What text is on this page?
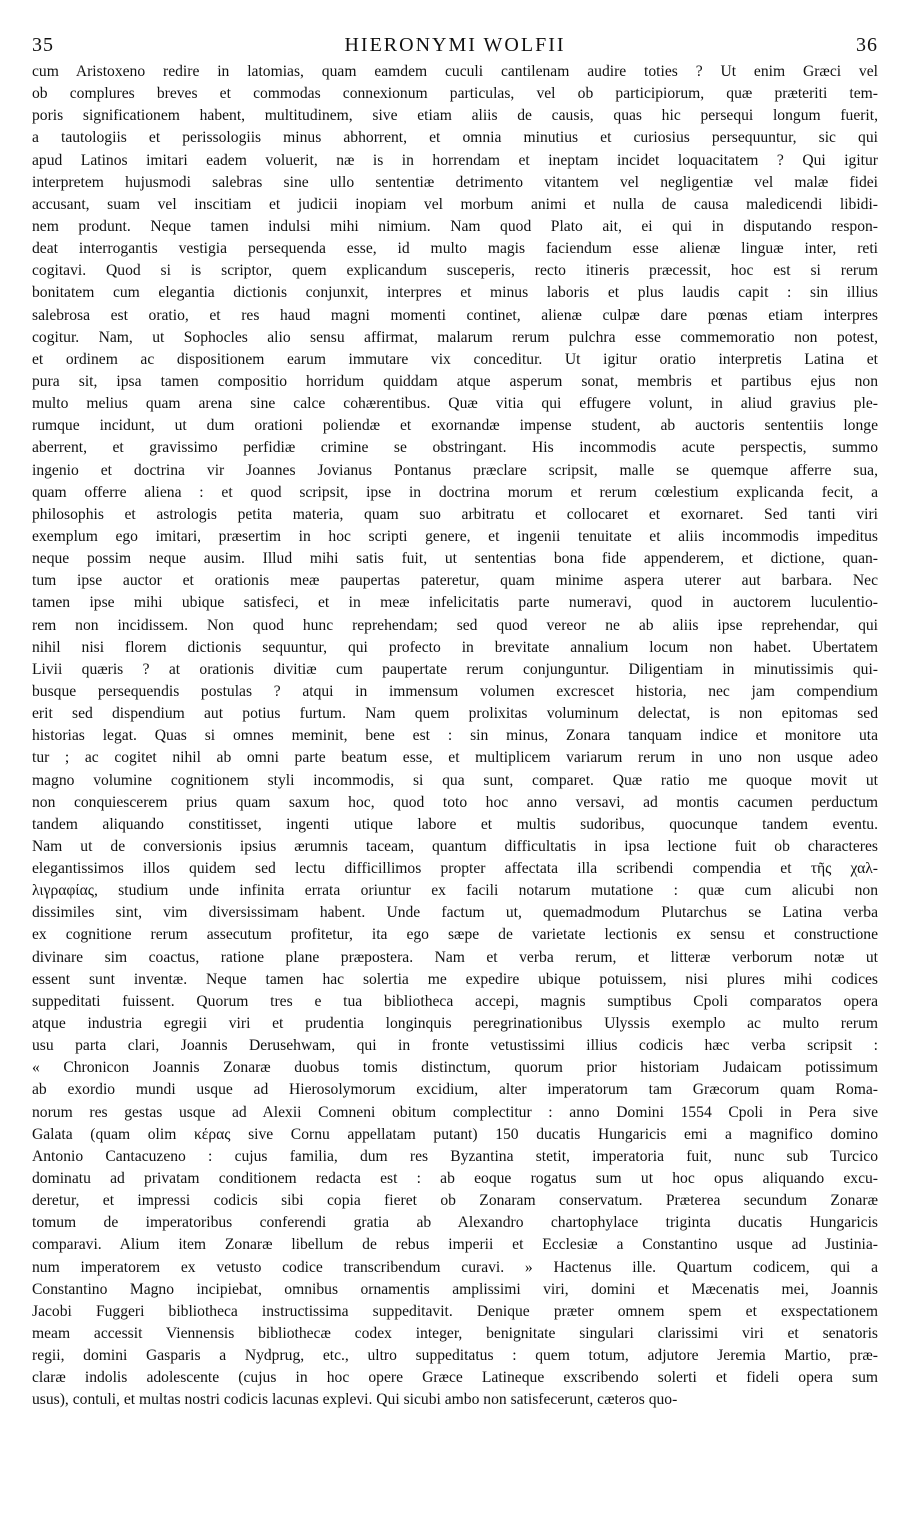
35	HIERONYMI WOLFII	36
cum Aristoxeno redire in latomias, quam eamdem cuculi cantilenam audire toties ? Ut enim Græci vel
ob complures breves et commodas connexionum particulas, vel ob participiorum, quæ præteriti tem-
poris significationem habent, multitudinem, sive etiam aliis de causis, quas hic persequi longum fuerit,
a tautologiis et perissologiis minus abhorrent, et omnia minutius et curiosius persequuntur, sic qui
apud Latinos imitari eadem voluerit, næ is in horrendam et ineptam incidet loquacitatem ? Qui igitur
interpretem hujusmodi salebras sine ullo sententiæ detrimento vitantem vel negligentiæ vel malæ fidei
accusant, suam vel inscitiam et judicii inopiam vel morbum animi et nulla de causa maledicendi libidi-
nem produnt. Neque tamen indulsi mihi nimium. Nam quod Plato ait, ei qui in disputando respon-
deat interrogantis vestigia persequenda esse, id multo magis faciendum esse alienæ linguæ inter, reti
cogitavi. Quod si is scriptor, quem explicandum susceperis, recto itineris præcessit, hoc est si rerum
bonitatem cum elegantia dictionis conjunxit, interpres et minus laboris et plus laudis capit : sin illius
salebrosa est oratio, et res haud magni momenti continet, alienæ culpæ dare pœnas etiam interpres
cogitur. Nam, ut Sophocles alio sensu affirmat, malarum rerum pulchra esse commemoratio non potest,
et ordinem ac dispositionem earum immutare vix conceditur. Ut igitur oratio interpretis Latina et
pura sit, ipsa tamen compositio horridum quiddam atque asperum sonat, membris et partibus ejus non
multo melius quam arena sine calce cohærentibus. Quæ vitia qui effugere volunt, in aliud gravius ple-
rumque incidunt, ut dum orationi poliendæ et exornandæ impense student, ab auctoris sententiis longe
aberrent, et gravissimo perfidiæ crimine se obstringant. His incommodis acute perspectis, summo
ingenio et doctrina vir Joannes Jovianus Pontanus præclare scripsit, malle se quemque afferre sua,
quam offerre aliena : et quod scripsit, ipse in doctrina morum et rerum cœlestium explicanda fecit, a
philosophis et astrologis petita materia, quam suo arbitratu et collocaret et exornaret. Sed tanti viri
exemplum ego imitari, præsertim in hoc scripti genere, et ingenii tenuitate et aliis incommodis impeditus
neque possim neque ausim. Illud mihi satis fuit, ut sententias bona fide appenderem, et dictione, quan-
tum ipse auctor et orationis meæ paupertas pateretur, quam minime aspera uterer aut barbara. Nec
tamen ipse mihi ubique satisfeci, et in meæ infelicitatis parte numeravi, quod in auctorem luculentio-
rem non incidissem. Non quod hunc reprehendam; sed quod vereor ne ab aliis ipse reprehendar, qui
nihil nisi florem dictionis sequuntur, qui profecto in brevitate annalium locum non habet. Ubertatem
Livii quæris ? at orationis divitiæ cum paupertate rerum conjunguntur. Diligentiam in minutissimis qui-
busque persequendis postulas ? atqui in immensum volumen excrescet historia, nec jam compendium
erit sed dispendium aut potius furtum. Nam quem prolixitas voluminum delectat, is non epitomas sed
historias legat. Quas si omnes meminit, bene est : sin minus, Zonara tanquam indice et monitore uta
tur ; ac cogitet nihil ab omni parte beatum esse, et multiplicem variarum rerum in uno non usque adeo
magno volumine cognitionem styli incommodis, si qua sunt, comparet. Quæ ratio me quoque movit ut
non conquiescerem prius quam saxum hoc, quod toto hoc anno versavi, ad montis cacumen perductum
tandem aliquando constitisset, ingenti utique labore et multis sudoribus, quocunque tandem eventu.
Nam ut de conversionis ipsius ærumnis taceam, quantum difficultatis in ipsa lectione fuit ob characteres
elegantissimos illos quidem sed lectu difficillimos propter affectata illa scribendi compendia et τῆς χαλ-
λιγραφίας, studium unde infinita errata oriuntur ex facili notarum mutatione : quæ cum alicubi non
dissimiles sint, vim diversissimam habent. Unde factum ut, quemadmodum Plutarchus se Latina verba
ex cognitione rerum assecutum profitetur, ita ego sæpe de varietate lectionis ex sensu et constructione
divinare sim coactus, ratione plane præpostera. Nam et verba rerum, et litteræ verborum notæ ut
essent sunt inventæ. Neque tamen hac solertia me expedire ubique potuissem, nisi plures mihi codices
suppeditati fuissent. Quorum tres e tua bibliotheca accepi, magnis sumptibus Cpoli comparatos opera
atque industria egregii viri et prudentia longinquis peregrinationibus Ulyssis exemplo ac multo rerum
usu parta clari, Joannis Derusehwam, qui in fronte vetustissimi illius codicis hæc verba scripsit :
« Chronicon Joannis Zonaræ duobus tomis distinctum, quorum prior historiam Judaicam potissimum
ab exordio mundi usque ad Hierosolymorum excidium, alter imperatorum tam Græcorum quam Roma-
norum res gestas usque ad Alexii Comneni obitum complectitur : anno Domini 1554 Cpoli in Pera sive
Galata (quam olim κέρας sive Cornu appellatam putant) 150 ducatis Hungaricis emi a magnifico domino
Antonio Cantacuzeno : cujus familia, dum res Byzantina stetit, imperatoria fuit, nunc sub Turcico
dominatu ad privatam conditionem redacta est : ab eoque rogatus sum ut hoc opus aliquando excu-
deretur, et impressi codicis sibi copia fieret ob Zonaram conservatum. Præterea secundum Zonaræ
tomum de imperatoribus conferendi gratia ab Alexandro chartophylace triginta ducatis Hungaricis
comparavi. Alium item Zonaræ libellum de rebus imperii et Ecclesiæ a Constantino usque ad Justinia-
num imperatorem ex vetusto codice transcribendum curavi. » Hactenus ille. Quartum codicem, qui a
Constantino Magno incipiebat, omnibus ornamentis amplissimi viri, domini et Mæcenatis mei, Joannis
Jacobi Fuggeri bibliotheca instructissima suppeditavit. Denique præter omnem spem et exspectationem
meam accessit Viennensis bibliothecæ codex integer, benignitate singulari clarissimi viri et senatoris
regii, domini Gasparis a Nydprug, etc., ultro suppeditatus : quem totum, adjutore Jeremia Martio, præ-
claræ indolis adolescente (cujus in hoc opere Græce Latineque exscribendo solerti et fideli opera sum
usus), contuli, et multas nostri codicis lacunas explevi. Qui sicubi ambo non satisfecerunt, cæteros quo-
